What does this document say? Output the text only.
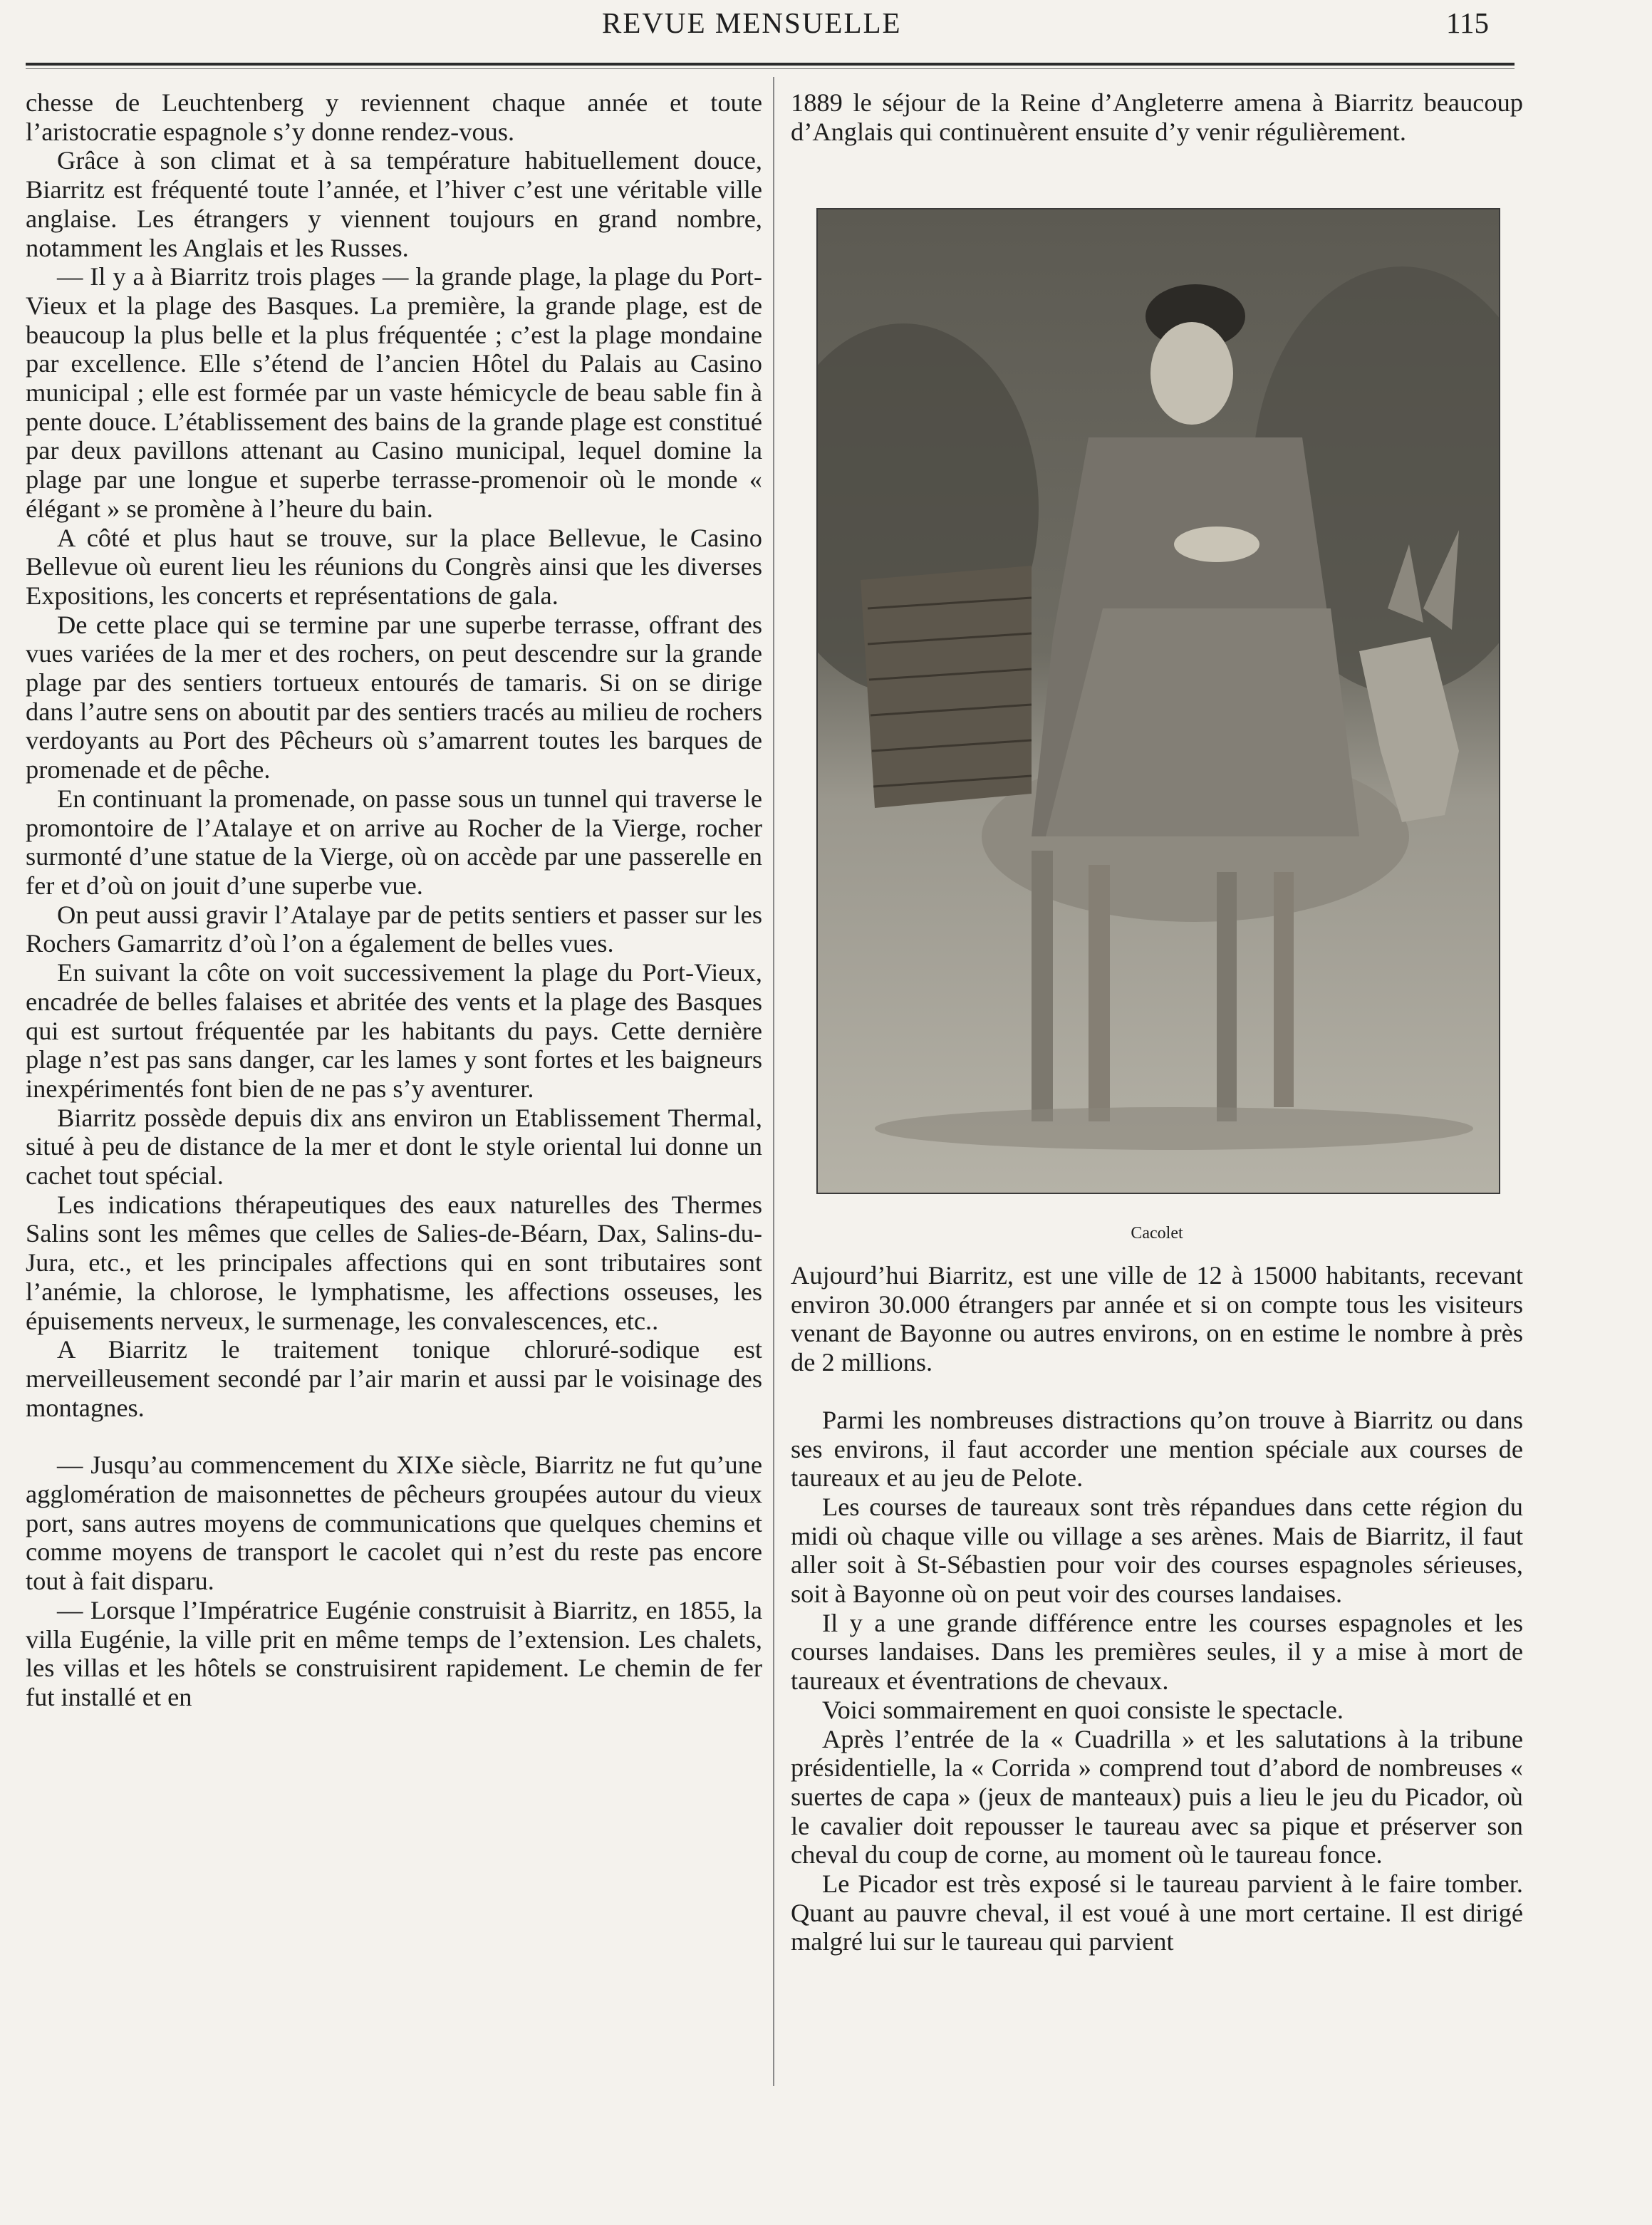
REVUE MENSUELLE	115

chesse de Leuchtenberg y reviennent chaque année et toute l’aristocratie espagnole s’y donne rendez-vous.

Grâce à son climat et à sa température habituellement douce, Biarritz est fréquenté toute l’année, et l’hiver c’est une véritable ville anglaise. Les étrangers y viennent toujours en grand nombre, notamment les Anglais et les Russes.

— Il y a à Biarritz trois plages — la grande plage, la plage du Port-Vieux et la plage des Basques. La première, la grande plage, est de beaucoup la plus belle et la plus fréquentée ; c’est la plage mondaine par excellence. Elle s’étend de l’ancien Hôtel du Palais au Casino municipal ; elle est formée par un vaste hémicycle de beau sable fin à pente douce. L’établissement des bains de la grande plage est constitué par deux pavillons attenant au Casino municipal, lequel domine la plage par une longue et superbe terrasse-promenoir où le monde « élégant » se promène à l’heure du bain.

A côté et plus haut se trouve, sur la place Bellevue, le Casino Bellevue où eurent lieu les réunions du Congrès ainsi que les diverses Expositions, les concerts et représentations de gala.

De cette place qui se termine par une superbe terrasse, offrant des vues variées de la mer et des rochers, on peut descendre sur la grande plage par des sentiers tortueux entourés de tamaris. Si on se dirige dans l’autre sens on aboutit par des sentiers tracés au milieu de rochers verdoyants au Port des Pêcheurs où s’amarrent toutes les barques de promenade et de pêche.

En continuant la promenade, on passe sous un tunnel qui traverse le promontoire de l’Atalaye et on arrive au Rocher de la Vierge, rocher surmonté d’une statue de la Vierge, où on accède par une passerelle en fer et d’où on jouit d’une superbe vue.

On peut aussi gravir l’Atalaye par de petits sentiers et passer sur les Rochers Gamarritz d’où l’on a également de belles vues.

En suivant la côte on voit successivement la plage du Port-Vieux, encadrée de belles falaises et abritée des vents et la plage des Basques qui est surtout fréquentée par les habitants du pays. Cette dernière plage n’est pas sans danger, car les lames y sont fortes et les baigneurs inexpérimentés font bien de ne pas s’y aventurer.

Biarritz possède depuis dix ans environ un Etablissement Thermal, situé à peu de distance de la mer et dont le style oriental lui donne un cachet tout spécial.

Les indications thérapeutiques des eaux naturelles des Thermes Salins sont les mêmes que celles de Salies-de-Béarn, Dax, Salins-du-Jura, etc., et les principales affections qui en sont tributaires sont l’anémie, la chlorose, le lymphatisme, les affections osseuses, les épuisements nerveux, le surmenage, les convalescences, etc..

A Biarritz le traitement tonique chloruré-sodique est merveilleusement secondé par l’air marin et aussi par le voisinage des montagnes.

— Jusqu’au commencement du XIXe siècle, Biarritz ne fut qu’une agglomération de maisonnettes de pêcheurs groupées autour du vieux port, sans autres moyens de communications que quelques chemins et comme moyens de transport le cacolet qui n’est du reste pas encore tout à fait disparu.

— Lorsque l’Impératrice Eugénie construisit à Biarritz, en 1855, la villa Eugénie, la ville prit en même temps de l’extension. Les chalets, les villas et les hôtels se construisirent rapidement. Le chemin de fer fut installé et en

1889 le séjour de la Reine d’Angleterre amena à Biarritz beaucoup d’Anglais qui continuèrent ensuite d’y venir régulièrement.

Cacolet

Aujourd’hui Biarritz, est une ville de 12 à 15000 habitants, recevant environ 30.000 étrangers par année et si on compte tous les visiteurs venant de Bayonne ou autres environs, on en estime le nombre à près de 2 millions.

Parmi les nombreuses distractions qu’on trouve à Biarritz ou dans ses environs, il faut accorder une mention spéciale aux courses de taureaux et au jeu de Pelote.

Les courses de taureaux sont très répandues dans cette région du midi où chaque ville ou village a ses arènes. Mais de Biarritz, il faut aller soit à St-Sébastien pour voir des courses espagnoles sérieuses, soit à Bayonne où on peut voir des courses landaises.

Il y a une grande différence entre les courses espagnoles et les courses landaises. Dans les premières seules, il y a mise à mort de taureaux et éventrations de chevaux.

Voici sommairement en quoi consiste le spectacle.

Après l’entrée de la « Cuadrilla » et les salutations à la tribune présidentielle, la « Corrida » comprend tout d’abord de nombreuses « suertes de capa » (jeux de manteaux) puis a lieu le jeu du Picador, où le cavalier doit repousser le taureau avec sa pique et préserver son cheval du coup de corne, au moment où le taureau fonce.

Le Picador est très exposé si le taureau parvient à le faire tomber. Quant au pauvre cheval, il est voué à une mort certaine. Il est dirigé malgré lui sur le taureau qui parvient
